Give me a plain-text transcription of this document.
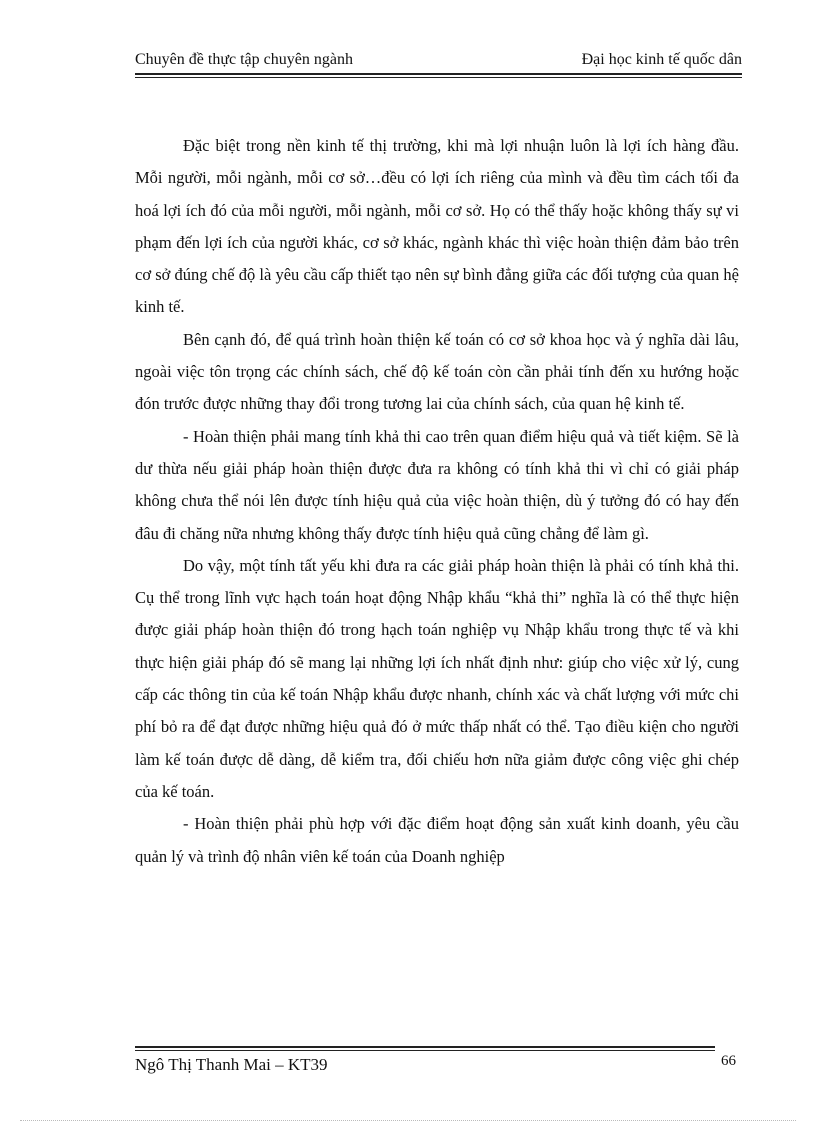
Chuyên đề thực tập chuyên ngành	Đại học kinh tế quốc dân

Đặc biệt trong nền kinh tế thị trường, khi mà lợi nhuận luôn là lợi ích hàng đầu. Mỗi người, mỗi ngành, mỗi cơ sở…đều có lợi ích riêng của mình và đều tìm cách tối đa hoá lợi ích đó của mỗi người, mỗi ngành, mỗi cơ sở. Họ có thể thấy hoặc không thấy sự vi phạm đến lợi ích của người khác, cơ sở khác, ngành khác thì việc hoàn thiện đảm bảo trên cơ sở đúng chế độ là yêu cầu cấp thiết tạo nên sự bình đẳng giữa các đối tượng của quan hệ kinh tế.

Bên cạnh đó, để quá trình hoàn thiện kế toán có cơ sở khoa học và ý nghĩa dài lâu, ngoài việc tôn trọng các chính sách, chế độ kế toán còn cần phải tính đến xu hướng hoặc đón trước được những thay đổi trong tương lai của chính sách, của quan hệ kinh tế.

- Hoàn thiện phải mang tính khả thi cao trên quan điểm hiệu quả và tiết kiệm. Sẽ là dư thừa nếu giải pháp hoàn thiện được đưa ra không có tính khả thi vì chỉ có giải pháp không chưa thể nói lên được tính hiệu quả của việc hoàn thiện, dù ý tưởng đó có hay đến đâu đi chăng nữa nhưng không thấy được tính hiệu quả cũng chẳng để làm gì.

Do vậy, một tính tất yếu khi đưa ra các giải pháp hoàn thiện là phải có tính khả thi. Cụ thể trong lĩnh vực hạch toán hoạt động Nhập khẩu “khả thi” nghĩa là có thể thực hiện được giải pháp hoàn thiện đó trong hạch toán nghiệp vụ Nhập khẩu trong thực tế và khi thực hiện giải pháp đó sẽ mang lại những lợi ích nhất định như: giúp cho việc xử lý, cung cấp các thông tin của kế toán Nhập khẩu được nhanh, chính xác và chất lượng với mức chi phí bỏ ra để đạt được những hiệu quả đó ở mức thấp nhất có thể. Tạo điều kiện cho người làm kế toán được dễ dàng, dễ kiểm tra, đối chiếu hơn nữa giảm được công việc ghi chép của kế toán.

- Hoàn thiện phải phù hợp với đặc điểm hoạt động sản xuất kinh doanh, yêu cầu quản lý và trình độ nhân viên kế toán của Doanh nghiệp

Ngô Thị Thanh Mai – KT39	66
